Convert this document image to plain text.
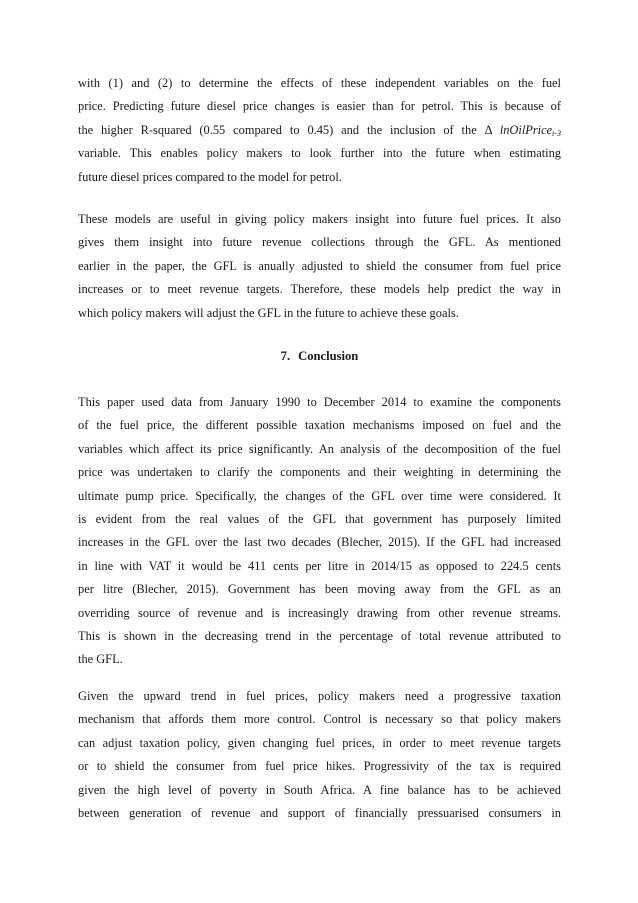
with (1) and (2) to determine the effects of these independent variables on the fuel
price. Predicting future diesel price changes is easier than for petrol. This is because of
the higher R-squared (0.55 compared to 0.45) and the inclusion of the Δ lnOilPrice$_{t-3}$
variable. This enables policy makers to look further into the future when estimating
future diesel prices compared to the model for petrol.
These models are useful in giving policy makers insight into future fuel prices. It also
gives them insight into future revenue collections through the GFL. As mentioned
earlier in the paper, the GFL is anually adjusted to shield the consumer from fuel price
increases or to meet revenue targets. Therefore, these models help predict the way in
which policy makers will adjust the GFL in the future to achieve these goals.
7. Conclusion
This paper used data from January 1990 to December 2014 to examine the components
of the fuel price, the different possible taxation mechanisms imposed on fuel and the
variables which affect its price significantly. An analysis of the decomposition of the fuel
price was undertaken to clarify the components and their weighting in determining the
ultimate pump price. Specifically, the changes of the GFL over time were considered. It
is evident from the real values of the GFL that government has purposely limited
increases in the GFL over the last two decades (Blecher, 2015). If the GFL had increased
in line with VAT it would be 411 cents per litre in 2014/15 as opposed to 224.5 cents
per litre (Blecher, 2015). Government has been moving away from the GFL as an
overriding source of revenue and is increasingly drawing from other revenue streams.
This is shown in the decreasing trend in the percentage of total revenue attributed to
the GFL.
Given the upward trend in fuel prices, policy makers need a progressive taxation
mechanism that affords them more control. Control is necessary so that policy makers
can adjust taxation policy, given changing fuel prices, in order to meet revenue targets
or to shield the consumer from fuel price hikes. Progressivity of the tax is required
given the high level of poverty in South Africa. A fine balance has to be achieved
between generation of revenue and support of financially pressuarised consumers in
